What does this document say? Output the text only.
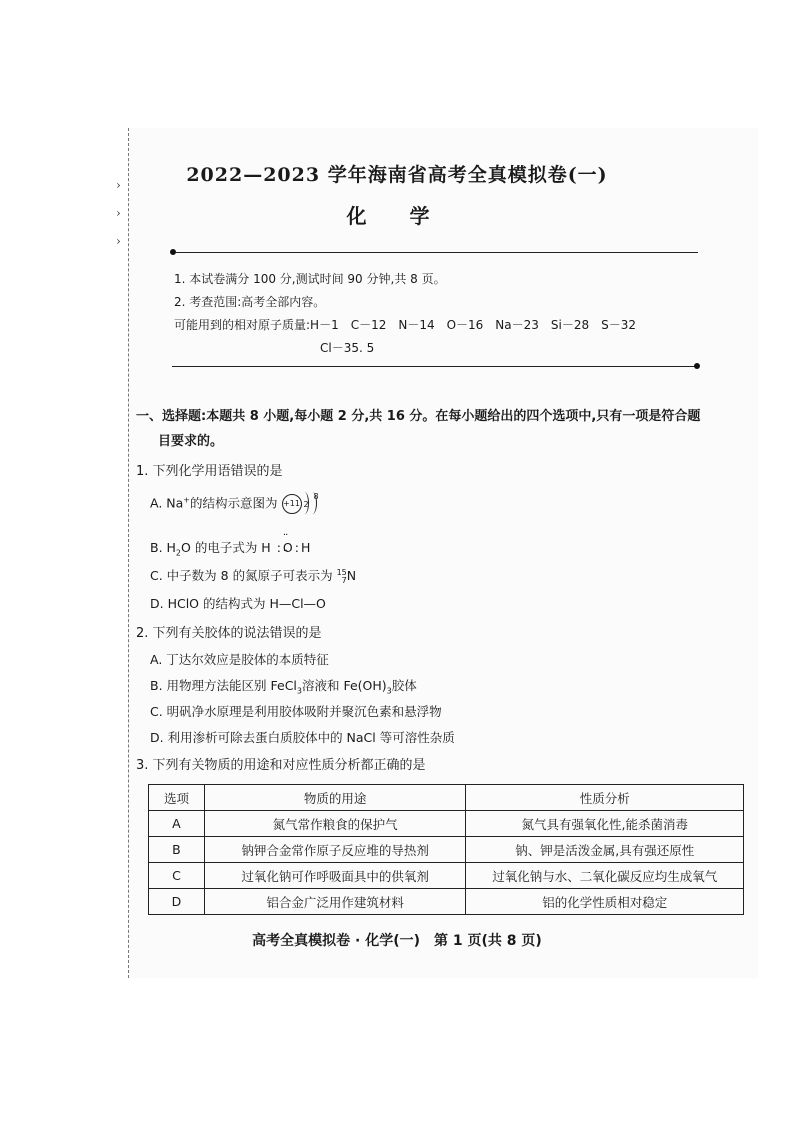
›
›
›
2022—2023 学年海南省高考全真模拟卷(一)
化 学
1. 本试卷满分 100 分,测试时间 90 分钟,共 8 页。
2. 考查范围:高考全部内容。
可能用到的相对原子质量:H－1　C－12　N－14　O－16　Na－23　Si－28　S－32
Cl－35. 5
一、选择题:本题共 8 小题,每小题 2 分,共 16 分。在每小题给出的四个选项中,只有一项是符合题
目要求的。
1. 下列化学用语错误的是
A. Na+的结构示意图为 +11 2
8
B. $H_2O$ 的电子式为 H : ·· O ·· : H
C. 中子数为 8 的氮原子可表示为 15
7N
D. HClO 的结构式为 H—Cl—O
2. 下列有关胶体的说法错误的是
A. 丁达尔效应是胶体的本质特征
B. 用物理方法能区别 FeCl$_3$溶液和 $Fe(OH)_3$胶体
C. 明矾净水原理是利用胶体吸附并聚沉色素和悬浮物
D. 利用渗析可除去蛋白质胶体中的 NaCl 等可溶性杂质
3. 下列有关物质的用途和对应性质分析都正确的是
选项	物质的用途	性质分析
A	氮气常作粮食的保护气	氮气具有强氧化性,能杀菌消毒
B	钠钾合金常作原子反应堆的导热剂	钠、钾是活泼金属,具有强还原性
C	过氧化钠可作呼吸面具中的供氧剂	过氧化钠与水、二氧化碳反应均生成氧气
D	铝合金广泛用作建筑材料	铝的化学性质相对稳定
高考全真模拟卷 · 化学(一)　第 1 页(共 8 页)
